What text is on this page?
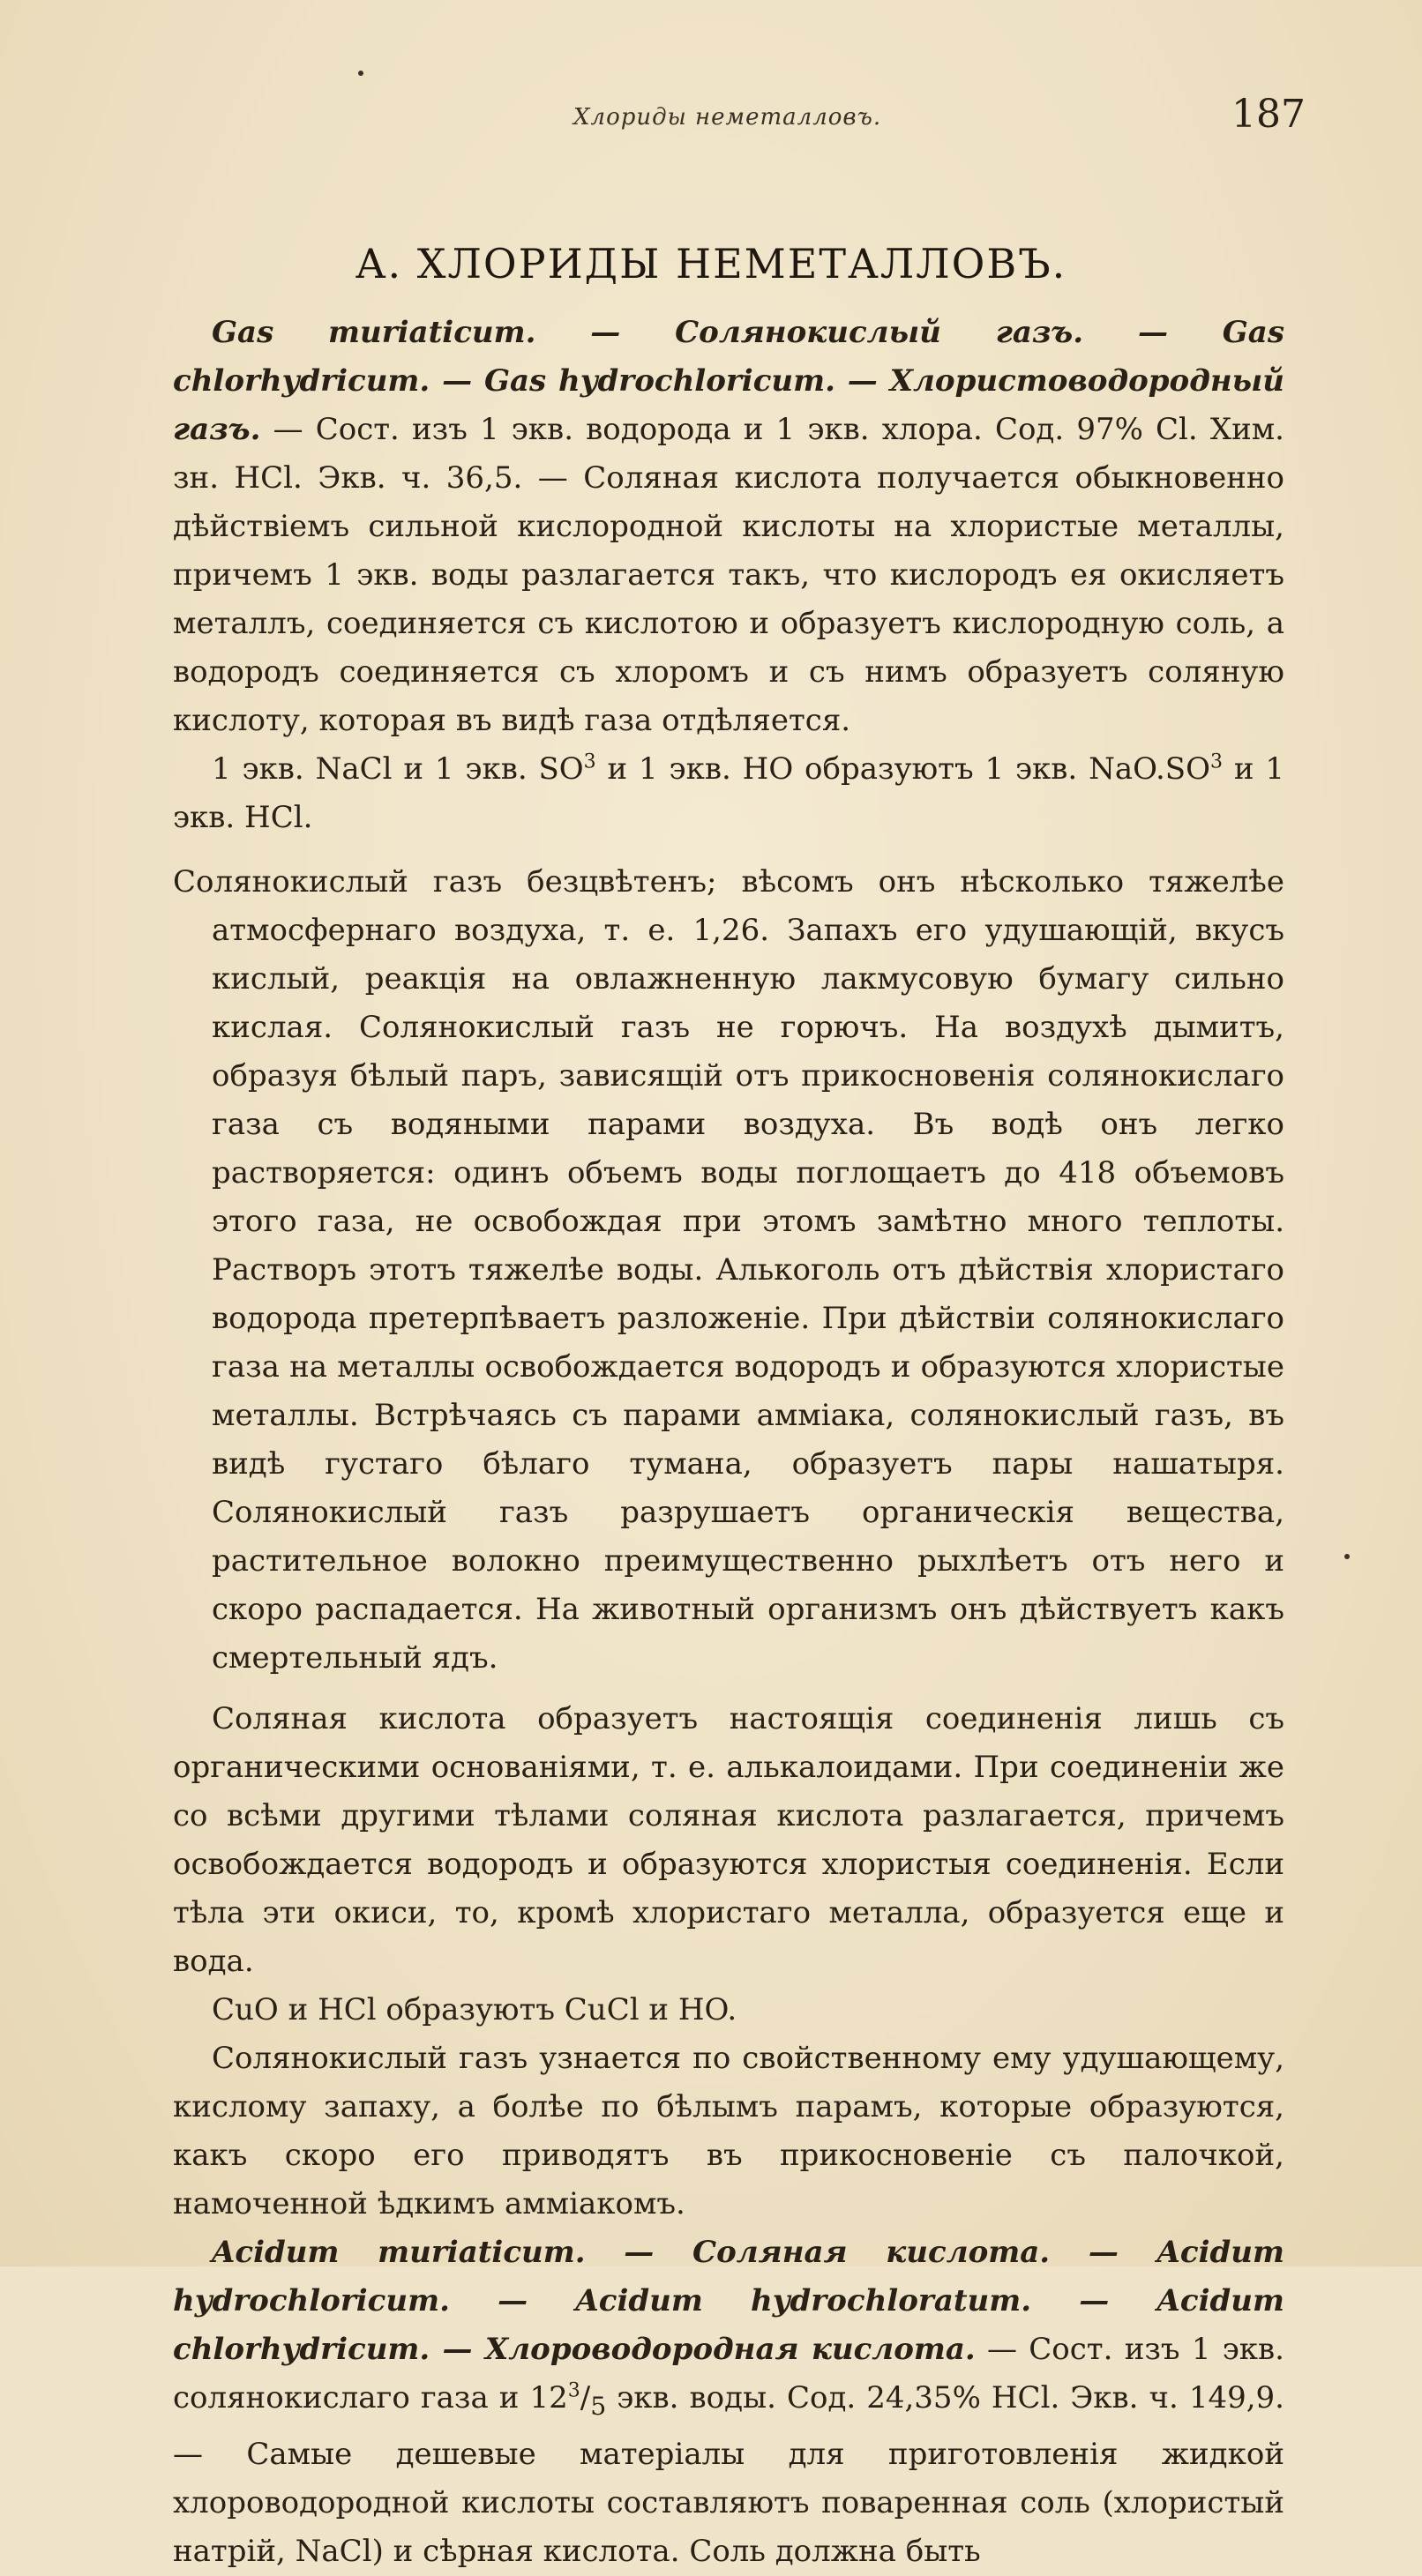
Хлориды неметалловъ.	187
А. ХЛОРИДЫ НЕМЕТАЛЛОВЪ.

Gas muriaticum. — Солянокислый газъ. — Gas chlorhydricum. — Gas hydrochloricum. — Хлористоводородный газъ. — Сост. изъ 1 экв. водорода и 1 экв. хлора. Сод. 97% Cl. Хим. зн. HCl. Экв. ч. 36,5. — Соляная кислота получается обыкновенно дѣйствіемъ сильной кислородной кислоты на хлористые металлы, причемъ 1 экв. воды разлагается такъ, что кислородъ ея окисляетъ металлъ, соединяется съ кислотою и образуетъ кислородную соль, а водородъ соединяется съ хлоромъ и съ нимъ образуетъ соляную кислоту, которая въ видѣ газа отдѣляется.

1 экв. NaCl и 1 экв. $SO^3$ и 1 экв. HO образуютъ 1 экв. $NaO.SO^3$ и 1 экв. HCl.

Солянокислый газъ безцвѣтенъ; вѣсомъ онъ нѣсколько тяжелѣе атмосфернаго воздуха, т. е. 1,26. Запахъ его удушающій, вкусъ кислый, реакція на овлажненную лакмусовую бумагу сильно кислая. Солянокислый газъ не горючъ. На воздухѣ дымитъ, образуя бѣлый паръ, зависящій отъ прикосновенія солянокислаго газа съ водяными парами воздуха. Въ водѣ онъ легко растворяется: одинъ объемъ воды поглощаетъ до 418 объемовъ этого газа, не освобождая при этомъ замѣтно много теплоты. Растворъ этотъ тяжелѣе воды. Алькоголь отъ дѣйствія хлористаго водорода претерпѣваетъ разложеніе. При дѣйствіи солянокислаго газа на металлы освобождается водородъ и образуются хлористые металлы. Встрѣчаясь съ парами амміака, солянокислый газъ, въ видѣ густаго бѣлаго тумана, образуетъ пары нашатыря. Солянокислый газъ разрушаетъ органическія вещества, растительное волокно преимущественно рыхлѣетъ отъ него и скоро распадается. На животный организмъ онъ дѣйствуетъ какъ смертельный ядъ.

Соляная кислота образуетъ настоящія соединенія лишь съ органическими основаніями, т. е. алькалоидами. При соединеніи же со всѣми другими тѣлами соляная кислота разлагается, причемъ освобождается водородъ и образуются хлористыя соединенія. Если тѣла эти окиси, то, кромѣ хлористаго металла, образуется еще и вода.

CuO и HCl образуютъ CuCl и HO.

Солянокислый газъ узнается по свойственному ему удушающему, кислому запаху, а болѣе по бѣлымъ парамъ, которые образуются, какъ скоро его приводятъ въ прикосновеніе съ палочкой, намоченной ѣдкимъ амміакомъ.

Acidum muriaticum. — Соляная кислота. — Acidum hydrochloricum. — Acidum hydrochloratum. — Acidum chlorhydricum. — Хлороводородная кислота. — Сост. изъ 1 экв. солянокислаго газа и $12^3/_5$ экв. воды. Сод. 24,35% HCl. Экв. ч. 149,9. — Самые дешевые матеріалы для приготовленія жидкой хлороводородной кислоты составляютъ поваренная соль (хлористый натрій, NaCl) и сѣрная кислота. Соль должна быть
